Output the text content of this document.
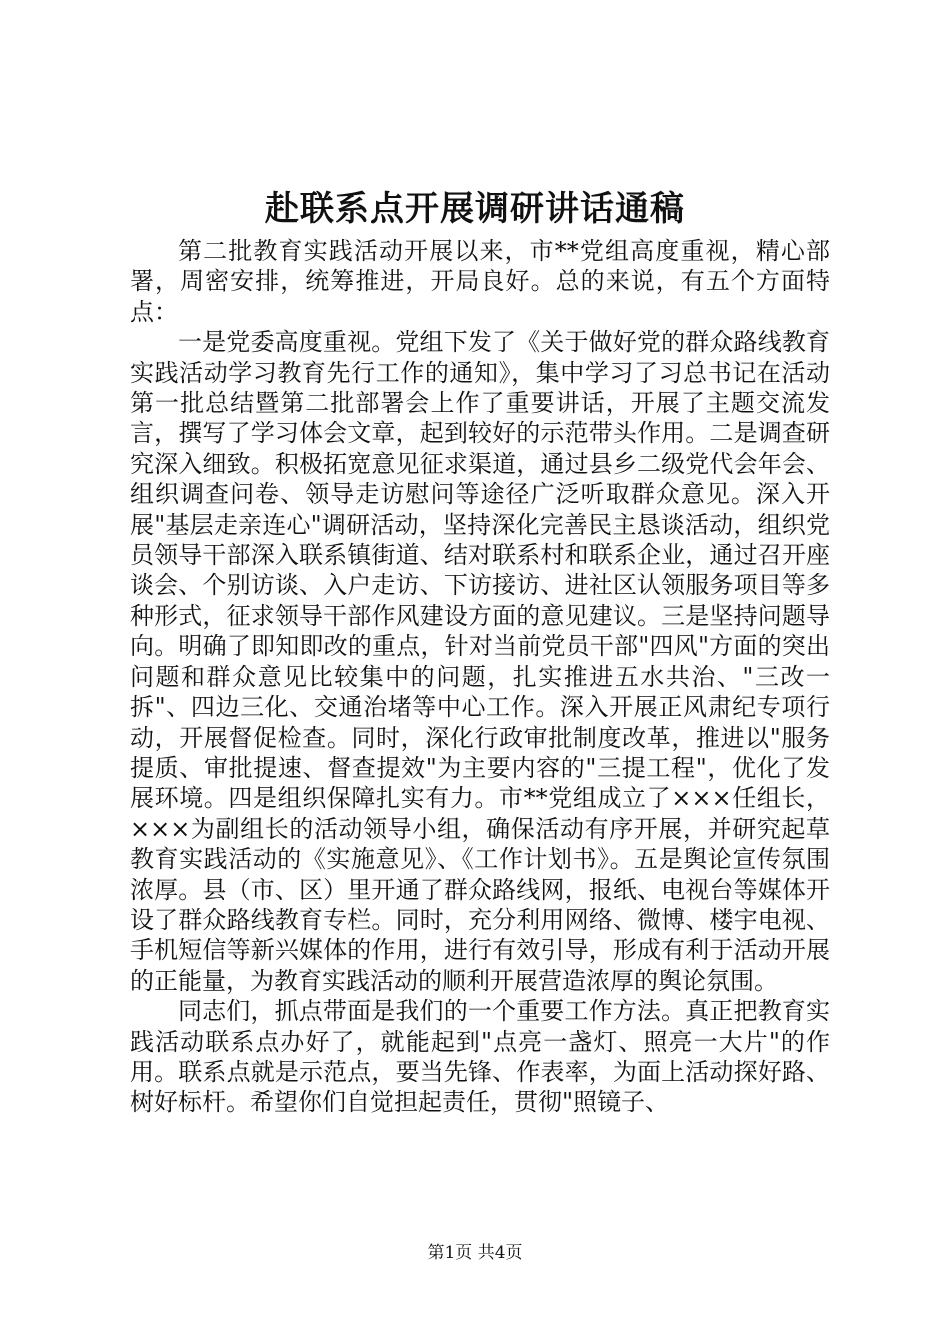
赴联系点开展调研讲话通稿

第二批教育实践活动开展以来，市**党组高度重视，精心部署，周密安排，统筹推进，开局良好。总的来说，有五个方面特点：

一是党委高度重视。党组下发了《关于做好党的群众路线教育实践活动学习教育先行工作的通知》，集中学习了习总书记在活动第一批总结暨第二批部署会上作了重要讲话，开展了主题交流发言，撰写了学习体会文章，起到较好的示范带头作用。二是调查研究深入细致。积极拓宽意见征求渠道，通过县乡二级党代会年会、组织调查问卷、领导走访慰问等途径广泛听取群众意见。深入开展"基层走亲连心"调研活动，坚持深化完善民主恳谈活动，组织党员领导干部深入联系镇街道、结对联系村和联系企业，通过召开座谈会、个别访谈、入户走访、下访接访、进社区认领服务项目等多种形式，征求领导干部作风建设方面的意见建议。三是坚持问题导向。明确了即知即改的重点，针对当前党员干部"四风"方面的突出问题和群众意见比较集中的问题，扎实推进五水共治、"三改一拆"、四边三化、交通治堵等中心工作。深入开展正风肃纪专项行动，开展督促检查。同时，深化行政审批制度改革，推进以"服务提质、审批提速、督查提效"为主要内容的"三提工程"，优化了发展环境。四是组织保障扎实有力。市**党组成立了×××任组长，×××为副组长的活动领导小组，确保活动有序开展，并研究起草教育实践活动的《实施意见》、《工作计划书》。五是舆论宣传氛围浓厚。县（市、区）里开通了群众路线网，报纸、电视台等媒体开设了群众路线教育专栏。同时，充分利用网络、微博、楼宇电视、手机短信等新兴媒体的作用，进行有效引导，形成有利于活动开展的正能量，为教育实践活动的顺利开展营造浓厚的舆论氛围。

同志们，抓点带面是我们的一个重要工作方法。真正把教育实践活动联系点办好了，就能起到"点亮一盏灯、照亮一大片"的作用。联系点就是示范点，要当先锋、作表率，为面上活动探好路、树好标杆。希望你们自觉担起责任，贯彻"照镜子、

第1页 共4页
